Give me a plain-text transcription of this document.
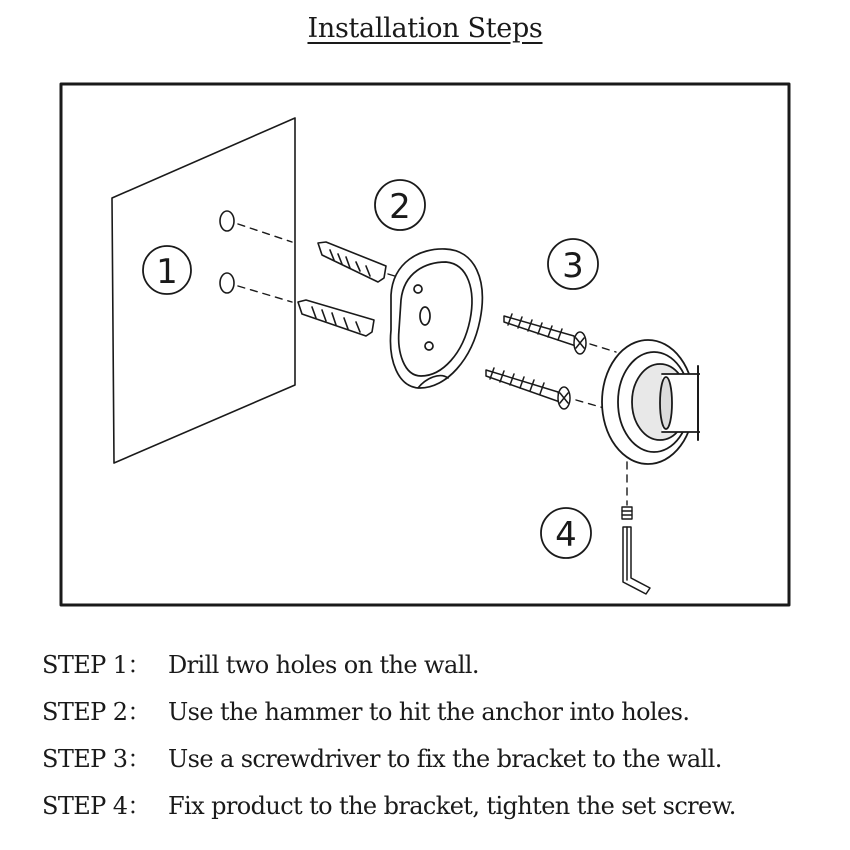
Installation Steps
1
2
3
4
STEP 1： Drill two holes on the wall.
STEP 2： Use the hammer to hit the anchor into holes.
STEP 3： Use a screwdriver to fix the bracket to the wall.
STEP 4： Fix product to the bracket, tighten the set screw.
